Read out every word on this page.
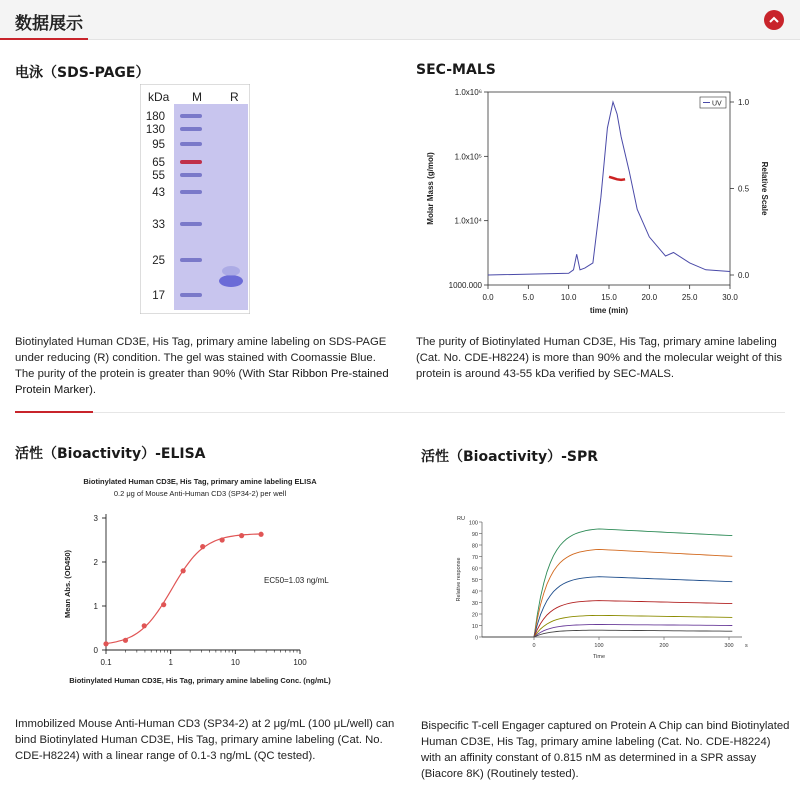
数据展示
电泳（SDS-PAGE）
kDa M R
180
130
95
65
55
43
33
25
17
Biotinylated Human CD3E, His Tag, primary amine labeling on SDS-PAGE under reducing (R) condition. The gel was stained with Coomassie Blue. The purity of the protein is greater than 90% (With Star Ribbon Pre-stained Protein Marker).
SEC-MALS
0.0	5.0	10.0	15.0	20.0	25.0	30.0
1000.000
1.0x10⁴
1.0x10⁵
1.0x10⁶
0.0
0.5
1.0
Molar Mass (g/mol)	Relative Scale
time (min)
UV
The purity of Biotinylated Human CD3E, His Tag, primary amine labeling (Cat. No. CDE-H8224) is more than 90% and the molecular weight of this protein is around 43-55 kDa verified by SEC-MALS.
活性（Bioactivity）-ELISA
Biotinylated Human CD3E, His Tag, primary amine labeling ELISA
0.2 μg of Mouse Anti-Human CD3 (SP34-2) per well
0
1
2
3
0.1	1	10	100
Mean Abs. (OD450)
Biotinylated Human CD3E, His Tag, primary amine labeling Conc. (ng/mL)
EC50=1.03 ng/mL
Immobilized Mouse Anti-Human CD3 (SP34-2) at 2 μg/mL (100 μL/well) can bind Biotinylated Human CD3E, His Tag, primary amine labeling (Cat. No. CDE-H8224) with a linear range of 0.1-3 ng/mL (QC tested).
活性（Bioactivity）-SPR
0
10
20
30
40
50
60
70
80
90
100
0	100	200	300 s
RU
Relative response
Time
Bispecific T-cell Engager captured on Protein A Chip can bind Biotinylated Human CD3E, His Tag, primary amine labeling (Cat. No. CDE-H8224) with an affinity constant of 0.815 nM as determined in a SPR assay (Biacore 8K) (Routinely tested).
